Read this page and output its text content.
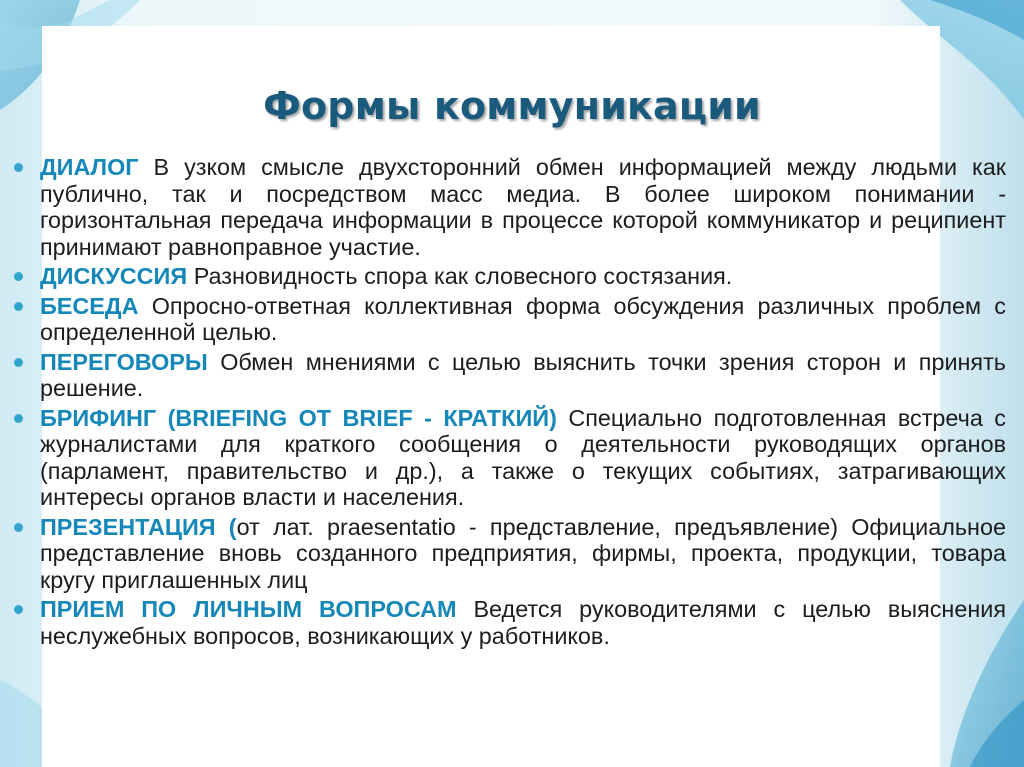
Формы коммуникации
ДИАЛОГ В узком смысле двухсторонний обмен информацией между людьми как публично, так и посредством масс медиа. В более широком понимании - горизонтальная передача информации в процессе которой коммуникатор и реципиент принимают равноправное участие.
ДИСКУССИЯ Разновидность спора как словесного состязания.
БЕСЕДА Опросно-ответная коллективная форма обсуждения различных проблем с определенной целью.
ПЕРЕГОВОРЫ Обмен мнениями с целью выяснить точки зрения сторон и принять решение.
БРИФИНГ (BRIEFING ОТ BRIEF - КРАТКИЙ) Специально подготовленная встреча с журналистами для краткого сообщения о деятельности руководящих органов (парламент, правительство и др.), а также о текущих событиях, затрагивающих интересы органов власти и населения.
ПРЕЗЕНТАЦИЯ (от лат. praesentatio - представление, предъявление) Официальное представление вновь созданного предприятия, фирмы, проекта, продукции, товара кругу приглашенных лиц
ПРИЕМ ПО ЛИЧНЫМ ВОПРОСАМ Ведется руководителями с целью выяснения неслужебных вопросов, возникающих у работников.
